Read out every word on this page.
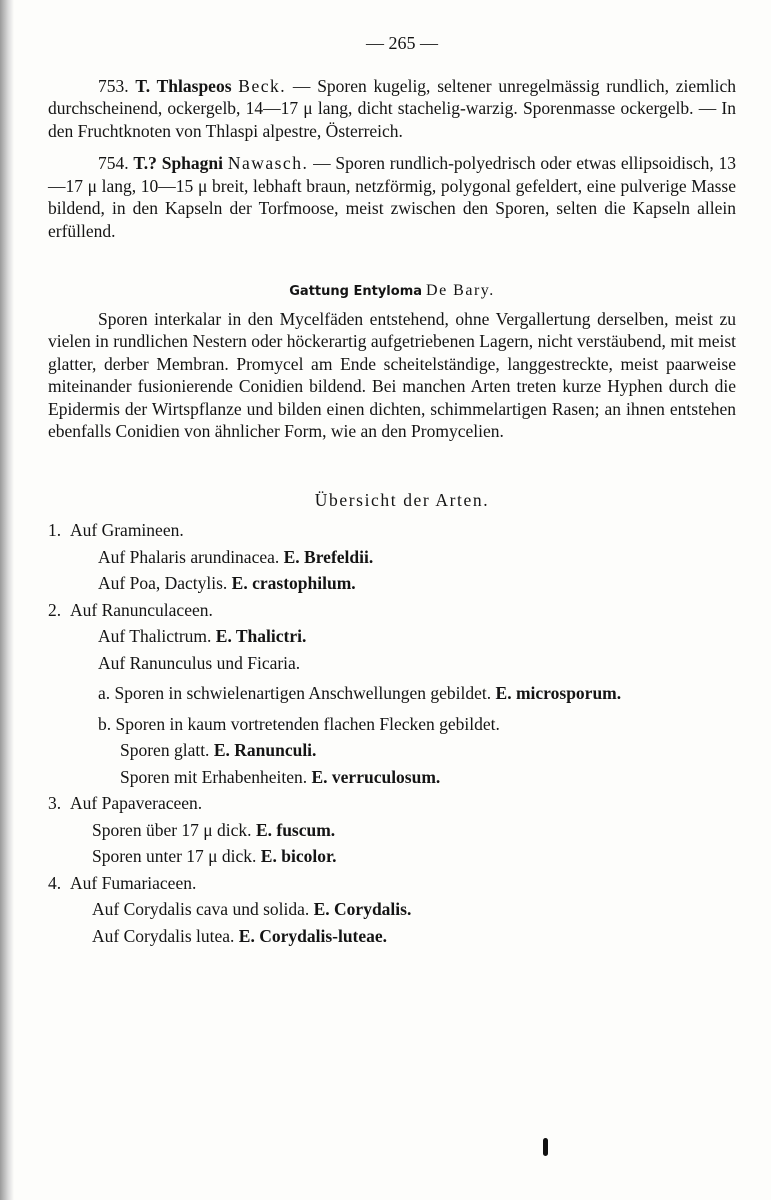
— 265 —

753. T. Thlaspeos Beck. — Sporen kugelig, seltener unregelmässig rundlich, ziemlich durchscheinend, ockergelb, 14—17 μ lang, dicht stachelig-warzig. Sporenmasse ockergelb. — In den Fruchtknoten von Thlaspi alpestre, Österreich.

754. T.? Sphagni Nawasch. — Sporen rundlich-polyedrisch oder etwas ellipsoidisch, 13—17 μ lang, 10—15 μ breit, lebhaft braun, netzförmig, polygonal gefeldert, eine pulverige Masse bildend, in den Kapseln der Torfmoose, meist zwischen den Sporen, selten die Kapseln allein erfüllend.

Gattung Entyloma De Bary.

Sporen interkalar in den Mycelfäden entstehend, ohne Vergallertung derselben, meist zu vielen in rundlichen Nestern oder höckerartig aufgetriebenen Lagern, nicht verstäubend, mit meist glatter, derber Membran. Promycel am Ende scheitelständige, langgestreckte, meist paarweise miteinander fusionierende Conidien bildend. Bei manchen Arten treten kurze Hyphen durch die Epidermis der Wirtspflanze und bilden einen dichten, schimmelartigen Rasen; an ihnen entstehen ebenfalls Conidien von ähnlicher Form, wie an den Promycelien.

Übersicht der Arten.
1. Auf Gramineen.
Auf Phalaris arundinacea. E. Brefeldii.
Auf Poa, Dactylis. E. crastophilum.
2. Auf Ranunculaceen.
Auf Thalictrum. E. Thalictri.
Auf Ranunculus und Ficaria.
a. Sporen in schwielenartigen Anschwellungen gebildet. E. microsporum.
b. Sporen in kaum vortretenden flachen Flecken gebildet.
Sporen glatt. E. Ranunculi.
Sporen mit Erhabenheiten. E. verruculosum.
3. Auf Papaveraceen.
Sporen über 17 μ dick. E. fuscum.
Sporen unter 17 μ dick. E. bicolor.
4. Auf Fumariaceen.
Auf Corydalis cava und solida. E. Corydalis.
Auf Corydalis lutea. E. Corydalis-luteae.
